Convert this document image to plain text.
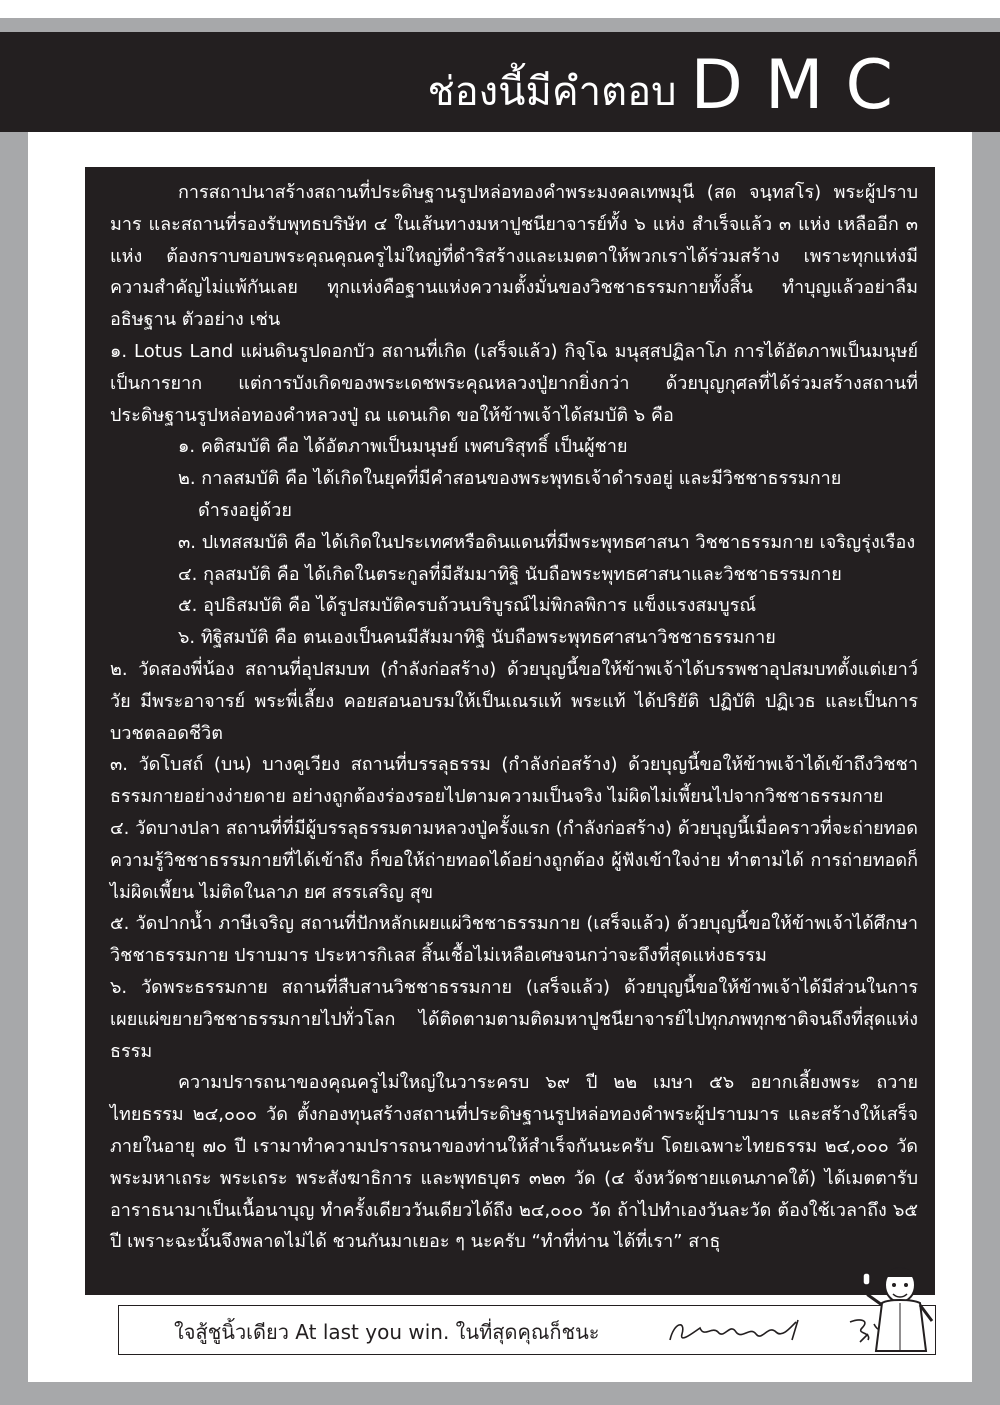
ช่องนี้มีคำตอบ DMC

การสถาปนาสร้างสถานที่ประดิษฐานรูปหล่อทองคำพระมงคลเทพมุนี (สด จนฺทสโร) พระผู้ปราบมาร และสถานที่รองรับพุทธบริษัท ๔ ในเส้นทางมหาปูชนียาจารย์ทั้ง ๖ แห่ง สำเร็จแล้ว ๓ แห่ง เหลืออีก ๓ แห่ง ต้องกราบขอบพระคุณคุณครูไม่ใหญ่ที่ดำริสร้างและเมตตาให้พวกเราได้ร่วมสร้าง เพราะทุกแห่งมีความสำคัญไม่แพ้กันเลย ทุกแห่งคือฐานแห่งความตั้งมั่นของวิชชาธรรมกายทั้งสิ้น ทำบุญแล้วอย่าลืมอธิษฐาน ตัวอย่าง เช่น

๑. Lotus Land แผ่นดินรูปดอกบัว สถานที่เกิด (เสร็จแล้ว) กิจฺโฉ มนุสฺสปฏิลาโภ การได้อัตภาพเป็นมนุษย์เป็นการยาก แต่การบังเกิดของพระเดชพระคุณหลวงปู่ยากยิ่งกว่า ด้วยบุญกุศลที่ได้ร่วมสร้างสถานที่ประดิษฐานรูปหล่อทองคำหลวงปู่ ณ แดนเกิด ขอให้ข้าพเจ้าได้สมบัติ ๖ คือ

๑. คติสมบัติ คือ ได้อัตภาพเป็นมนุษย์ เพศบริสุทธิ์ เป็นผู้ชาย
๒. กาลสมบัติ คือ ได้เกิดในยุคที่มีคำสอนของพระพุทธเจ้าดำรงอยู่ และมีวิชชาธรรมกาย
ดำรงอยู่ด้วย
๓. ปเทสสมบัติ คือ ได้เกิดในประเทศหรือดินแดนที่มีพระพุทธศาสนา วิชชาธรรมกาย เจริญรุ่งเรือง
๔. กุลสมบัติ คือ ได้เกิดในตระกูลที่มีสัมมาทิฐิ นับถือพระพุทธศาสนาและวิชชาธรรมกาย
๕. อุปธิสมบัติ คือ ได้รูปสมบัติครบถ้วนบริบูรณ์ไม่พิกลพิการ แข็งแรงสมบูรณ์
๖. ทิฐิสมบัติ คือ ตนเองเป็นคนมีสัมมาทิฐิ นับถือพระพุทธศาสนาวิชชาธรรมกาย

๒. วัดสองพี่น้อง สถานที่อุปสมบท (กำลังก่อสร้าง) ด้วยบุญนี้ขอให้ข้าพเจ้าได้บรรพชาอุปสมบทตั้งแต่เยาว์วัย มีพระอาจารย์ พระพี่เลี้ยง คอยสอนอบรมให้เป็นเณรแท้ พระแท้ ได้ปริยัติ ปฏิบัติ ปฏิเวธ และเป็นการบวชตลอดชีวิต

๓. วัดโบสถ์ (บน) บางคูเวียง สถานที่บรรลุธรรม (กำลังก่อสร้าง) ด้วยบุญนี้ขอให้ข้าพเจ้าได้เข้าถึงวิชชาธรรมกายอย่างง่ายดาย อย่างถูกต้องร่องรอยไปตามความเป็นจริง ไม่ผิดไม่เพี้ยนไปจากวิชชาธรรมกาย

๔. วัดบางปลา สถานที่ที่มีผู้บรรลุธรรมตามหลวงปู่ครั้งแรก (กำลังก่อสร้าง) ด้วยบุญนี้เมื่อคราวที่จะถ่ายทอดความรู้วิชชาธรรมกายที่ได้เข้าถึง ก็ขอให้ถ่ายทอดได้อย่างถูกต้อง ผู้ฟังเข้าใจง่าย ทำตามได้ การถ่ายทอดก็ไม่ผิดเพี้ยน ไม่ติดในลาภ ยศ สรรเสริญ สุข

๕. วัดปากน้ำ ภาษีเจริญ สถานที่ปักหลักเผยแผ่วิชชาธรรมกาย (เสร็จแล้ว) ด้วยบุญนี้ขอให้ข้าพเจ้าได้ศึกษาวิชชาธรรมกาย ปราบมาร ประหารกิเลส สิ้นเชื้อไม่เหลือเศษจนกว่าจะถึงที่สุดแห่งธรรม

๖. วัดพระธรรมกาย สถานที่สืบสานวิชชาธรรมกาย (เสร็จแล้ว) ด้วยบุญนี้ขอให้ข้าพเจ้าได้มีส่วนในการเผยแผ่ขยายวิชชาธรรมกายไปทั่วโลก ได้ติดตามตามติดมหาปูชนียาจารย์ไปทุกภพทุกชาติจนถึงที่สุดแห่งธรรม

ความปรารถนาของคุณครูไม่ใหญ่ในวาระครบ ๖๙ ปี ๒๒ เมษา ๕๖ อยากเลี้ยงพระ ถวายไทยธรรม ๒๔,๐๐๐ วัด ตั้งกองทุนสร้างสถานที่ประดิษฐานรูปหล่อทองคำพระผู้ปราบมาร และสร้างให้เสร็จภายในอายุ ๗๐ ปี เรามาทำความปรารถนาของท่านให้สำเร็จกันนะครับ โดยเฉพาะไทยธรรม ๒๔,๐๐๐ วัด พระมหาเถระ พระเถระ พระสังฆาธิการ และพุทธบุตร ๓๒๓ วัด (๔ จังหวัดชายแดนภาคใต้) ได้เมตตารับอาราธนามาเป็นเนื้อนาบุญ ทำครั้งเดียววันเดียวได้ถึง ๒๔,๐๐๐ วัด ถ้าไปทำเองวันละวัด ต้องใช้เวลาถึง ๖๕ ปี เพราะฉะนั้นจึงพลาดไม่ได้ ชวนกันมาเยอะ ๆ นะครับ “ทำที่ท่าน ได้ที่เรา” สาธุ

ใจสู้ชูนิ้วเดียว At last you win. ในที่สุดคุณก็ชนะ
